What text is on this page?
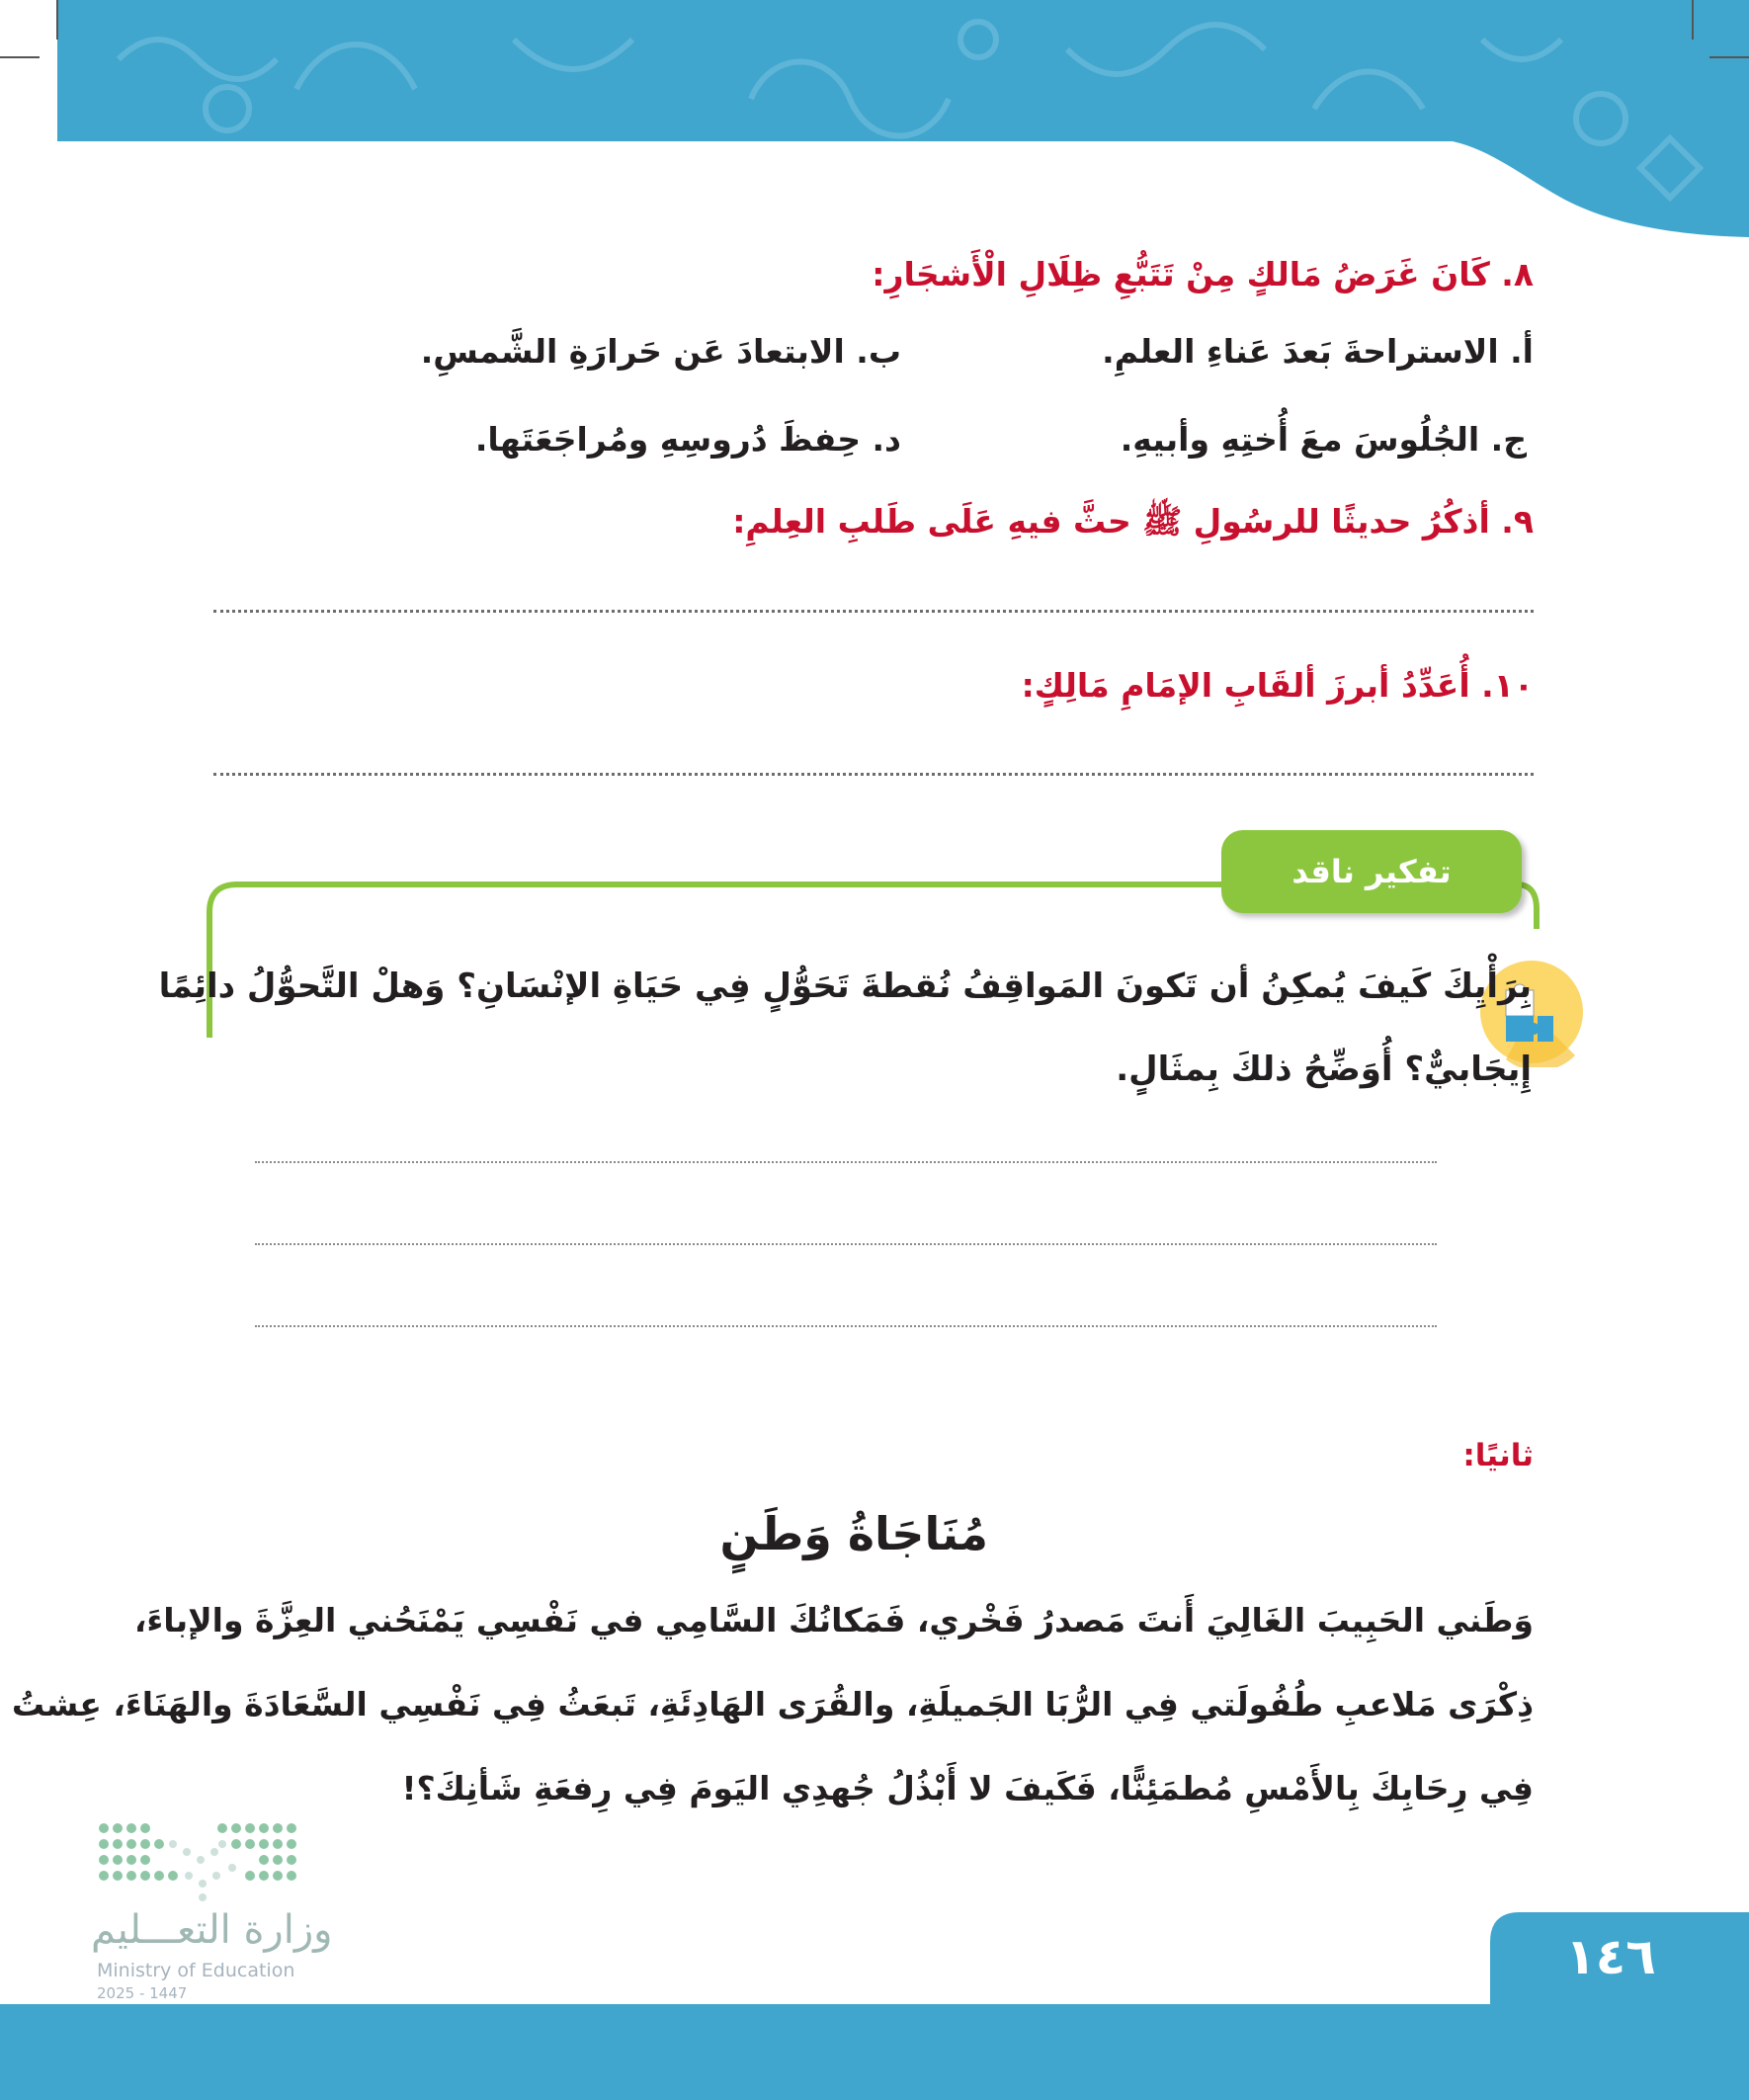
٨. كَانَ غَرَضُ مَالكٍ مِنْ تَتَبُّعِ ظِلَالِ الْأَشجَارِ:
أ. الاستراحةَ بَعدَ عَناءِ العلمِ.
ب. الابتعادَ عَن حَرارَةِ الشَّمسِ.
ج. الجُلُوسَ معَ أُختِهِ وأبيهِ.
د. حِفظَ دُروسِهِ ومُراجَعَتَها.
٩. أذكُرُ حديثًا للرسُولِ ﷺ حثَّ فيهِ عَلَى طَلبِ العِلمِ:
١٠. أُعَدِّدُ أبرزَ ألقَابِ الإمَامِ مَالِكٍ:
تفكير ناقد
بِرَأْيِكَ كَيفَ يُمكِنُ أن تَكونَ المَواقِفُ نُقطةَ تَحَوُّلٍ فِي حَيَاةِ الإنْسَانِ؟ وَهلْ التَّحوُّلُ دائِمًا
إِيجَابيٌّ؟ أُوَضِّحُ ذلكَ بِمثَالٍ.
ثانيًا:
مُنَاجَاةُ وَطَنٍ
وَطَني الحَبِيبَ الغَالِيَ أَنتَ مَصدرُ فَخْري، فَمَكانُكَ السَّامِي في نَفْسِي يَمْنَحُني العِزَّةَ والإباءَ،
ذِكْرَى مَلاعبِ طُفُولَتي فِي الرُّبَا الجَميلَةِ، والقُرَى الهَادِئَةِ، تَبعَثُ فِي نَفْسِي السَّعَادَةَ والهَنَاءَ، عِشتُ
فِي رِحَابِكَ بِالأَمْسِ مُطمَئِنًّا، فَكَيفَ لا أَبْذُلُ جُهدِي اليَومَ فِي رِفعَةِ شَأنِكَ؟!
وزارة التعـــليم
Ministry of Education
2025 - 1447
١٤٦
